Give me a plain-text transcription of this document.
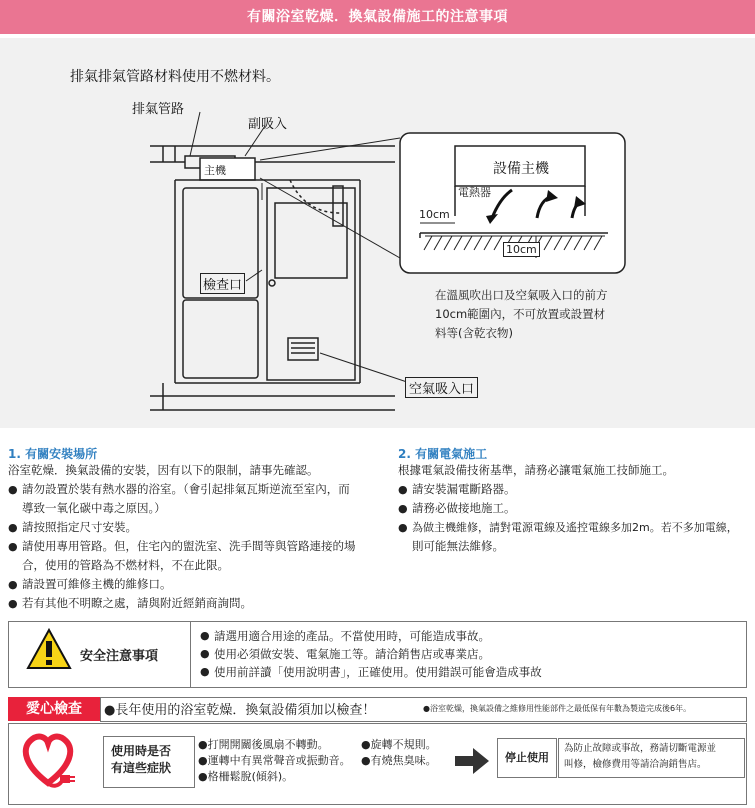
有關浴室乾燥．換氣設備施工的注意事項
排氣排氣管路材料使用不燃材料。
排氣管路
副吸入
主機
檢查口
空氣吸入口
設備主機
電熱器
10cm
10cm
在溫風吹出口及空氣吸入口的前方10cm範圍內，不可放置或設置材料等(含乾衣物)
1. 有關安裝場所
浴室乾燥．換氣設備的安裝，因有以下的限制，請事先確認。
● 請勿設置於裝有熱水器的浴室。（會引起排氣瓦斯逆流至室內，而
導致一氧化碳中毒之原因。）
● 請按照指定尺寸安裝。
● 請使用專用管路。但，住宅內的盥洗室、洗手間等與管路連接的場
合，使用的管路為不燃材料，不在此限。
● 請設置可維修主機的維修口。
● 若有其他不明瞭之處，請與附近經銷商詢問。
2. 有關電氣施工
根據電氣設備技術基準，請務必讓電氣施工技師施工。
● 請安裝漏電斷路器。
● 請務必做接地施工。
● 為做主機維修，請對電源電線及遙控電線多加2m。若不多加電線，
則可能無法維修。
安全注意事項
● 請選用適合用途的產品。不當使用時，可能造成事故。
● 使用必須做安裝、電氣施工等。請洽銷售店或專業店。
● 使用前詳讀「使用說明書」，正確使用。使用錯誤可能會造成事故
愛心檢查	●長年使用的浴室乾燥．換氣設備須加以檢查！	●浴室乾燥，換氣設備之維修用性能部件之最低保有年數為製造完成後6年。
使用時是否
有這些症狀
●打開開關後風扇不轉動。	●旋轉不規則。
●運轉中有異常聲音或振動音。 ●有燒焦臭味。
●格柵鬆脫(傾斜)。
停止使用
為防止故障或事故，務請切斷電源並
叫修，檢修費用等請洽詢銷售店。
